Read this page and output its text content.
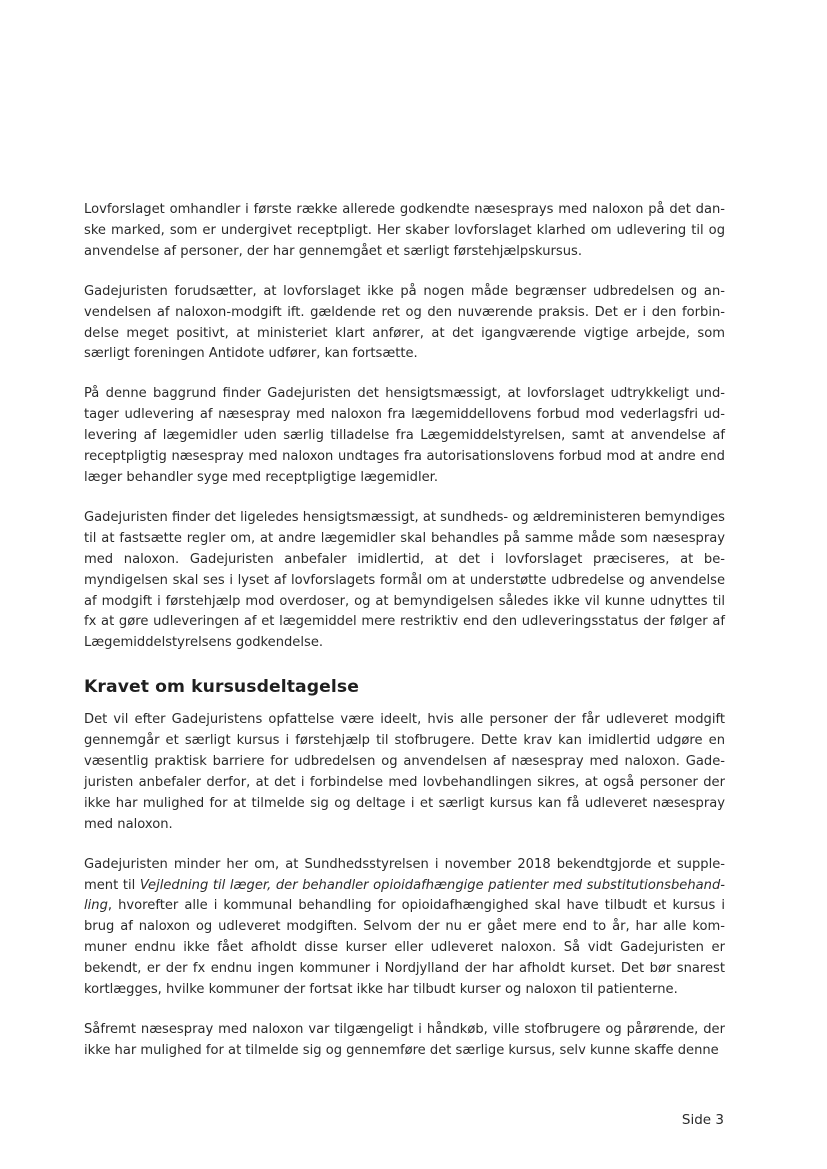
Lovforslaget omhandler i første række allerede godkendte næsesprays med naloxon på det danske marked, som er undergivet receptpligt. Her skaber lovforslaget klarhed om udlevering til og anvendelse af personer, der har gennemgået et særligt førstehjælpskursus.

Gadejuristen forudsætter, at lovforslaget ikke på nogen måde begrænser udbredelsen og anvendelsen af naloxon-modgift ift. gældende ret og den nuværende praksis. Det er i den forbindelse meget positivt, at ministeriet klart anfører, at det igangværende vigtige arbejde, som særligt foreningen Antidote udfører, kan fortsætte.

På denne baggrund finder Gadejuristen det hensigtsmæssigt, at lovforslaget udtrykkeligt undtager udlevering af næsespray med naloxon fra lægemiddellovens forbud mod vederlagsfri udlevering af lægemidler uden særlig tilladelse fra Lægemiddelstyrelsen, samt at anvendelse af receptpligtig næsespray med naloxon undtages fra autorisationslovens forbud mod at andre end læger behandler syge med receptpligtige lægemidler.

Gadejuristen finder det ligeledes hensigtsmæssigt, at sundheds- og ældreministeren bemyndiges til at fastsætte regler om, at andre lægemidler skal behandles på samme måde som næsespray med naloxon. Gadejuristen anbefaler imidlertid, at det i lovforslaget præciseres, at bemyndigelsen skal ses i lyset af lovforslagets formål om at understøtte udbredelse og anvendelse af modgift i førstehjælp mod overdoser, og at bemyndigelsen således ikke vil kunne udnyttes til fx at gøre udleveringen af et lægemiddel mere restriktiv end den udleveringsstatus der følger af Lægemiddelstyrelsens godkendelse.

Kravet om kursusdeltagelse

Det vil efter Gadejuristens opfattelse være ideelt, hvis alle personer der får udleveret modgift gennemgår et særligt kursus i førstehjælp til stofbrugere. Dette krav kan imidlertid udgøre en væsentlig praktisk barriere for udbredelsen og anvendelsen af næsespray med naloxon. Gadejuristen anbefaler derfor, at det i forbindelse med lovbehandlingen sikres, at også personer der ikke har mulighed for at tilmelde sig og deltage i et særligt kursus kan få udleveret næsespray med naloxon.

Gadejuristen minder her om, at Sundhedsstyrelsen i november 2018 bekendtgjorde et supplement til Vejledning til læger, der behandler opioidafhængige patienter med substitutionsbehandling, hvorefter alle i kommunal behandling for opioidafhængighed skal have tilbudt et kursus i brug af naloxon og udleveret modgiften. Selvom der nu er gået mere end to år, har alle kommuner endnu ikke fået afholdt disse kurser eller udleveret naloxon. Så vidt Gadejuristen er bekendt, er der fx endnu ingen kommuner i Nordjylland der har afholdt kurset. Det bør snarest kortlægges, hvilke kommuner der fortsat ikke har tilbudt kurser og naloxon til patienterne.

Såfremt næsespray med naloxon var tilgængeligt i håndkøb, ville stofbrugere og pårørende, der ikke har mulighed for at tilmelde sig og gennemføre det særlige kursus, selv kunne skaffe denne

Side 3
